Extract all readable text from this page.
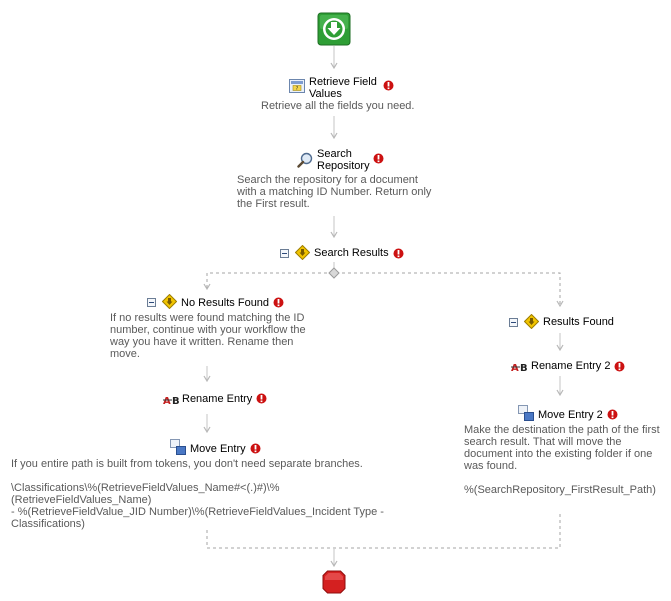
?
Retrieve Field
Values
Retrieve all the fields you need.
Search
Repository
Search the repository for a document
with a matching ID Number. Return only
the First result.
Search Results
No Results Found
If no results were found matching the ID
number, continue with your workflow the
way you have it written. Rename then
move.
A B Rename Entry
Move Entry
If you entire path is built from tokens, you don't need separate branches.
\Classifications\%(RetrieveFieldValues_Name#<(.)#)\%(RetrieveFieldValues_Name)
- %(RetrieveFieldValue_JID Number)\%(RetrieveFieldValues_Incident Type -
Classifications)
Results Found
A B Rename Entry 2
Move Entry 2
Make the destination the path of the first
search result. That will move the
document into the existing folder if one
was found.
%(SearchRepository_FirstResult_Path)
